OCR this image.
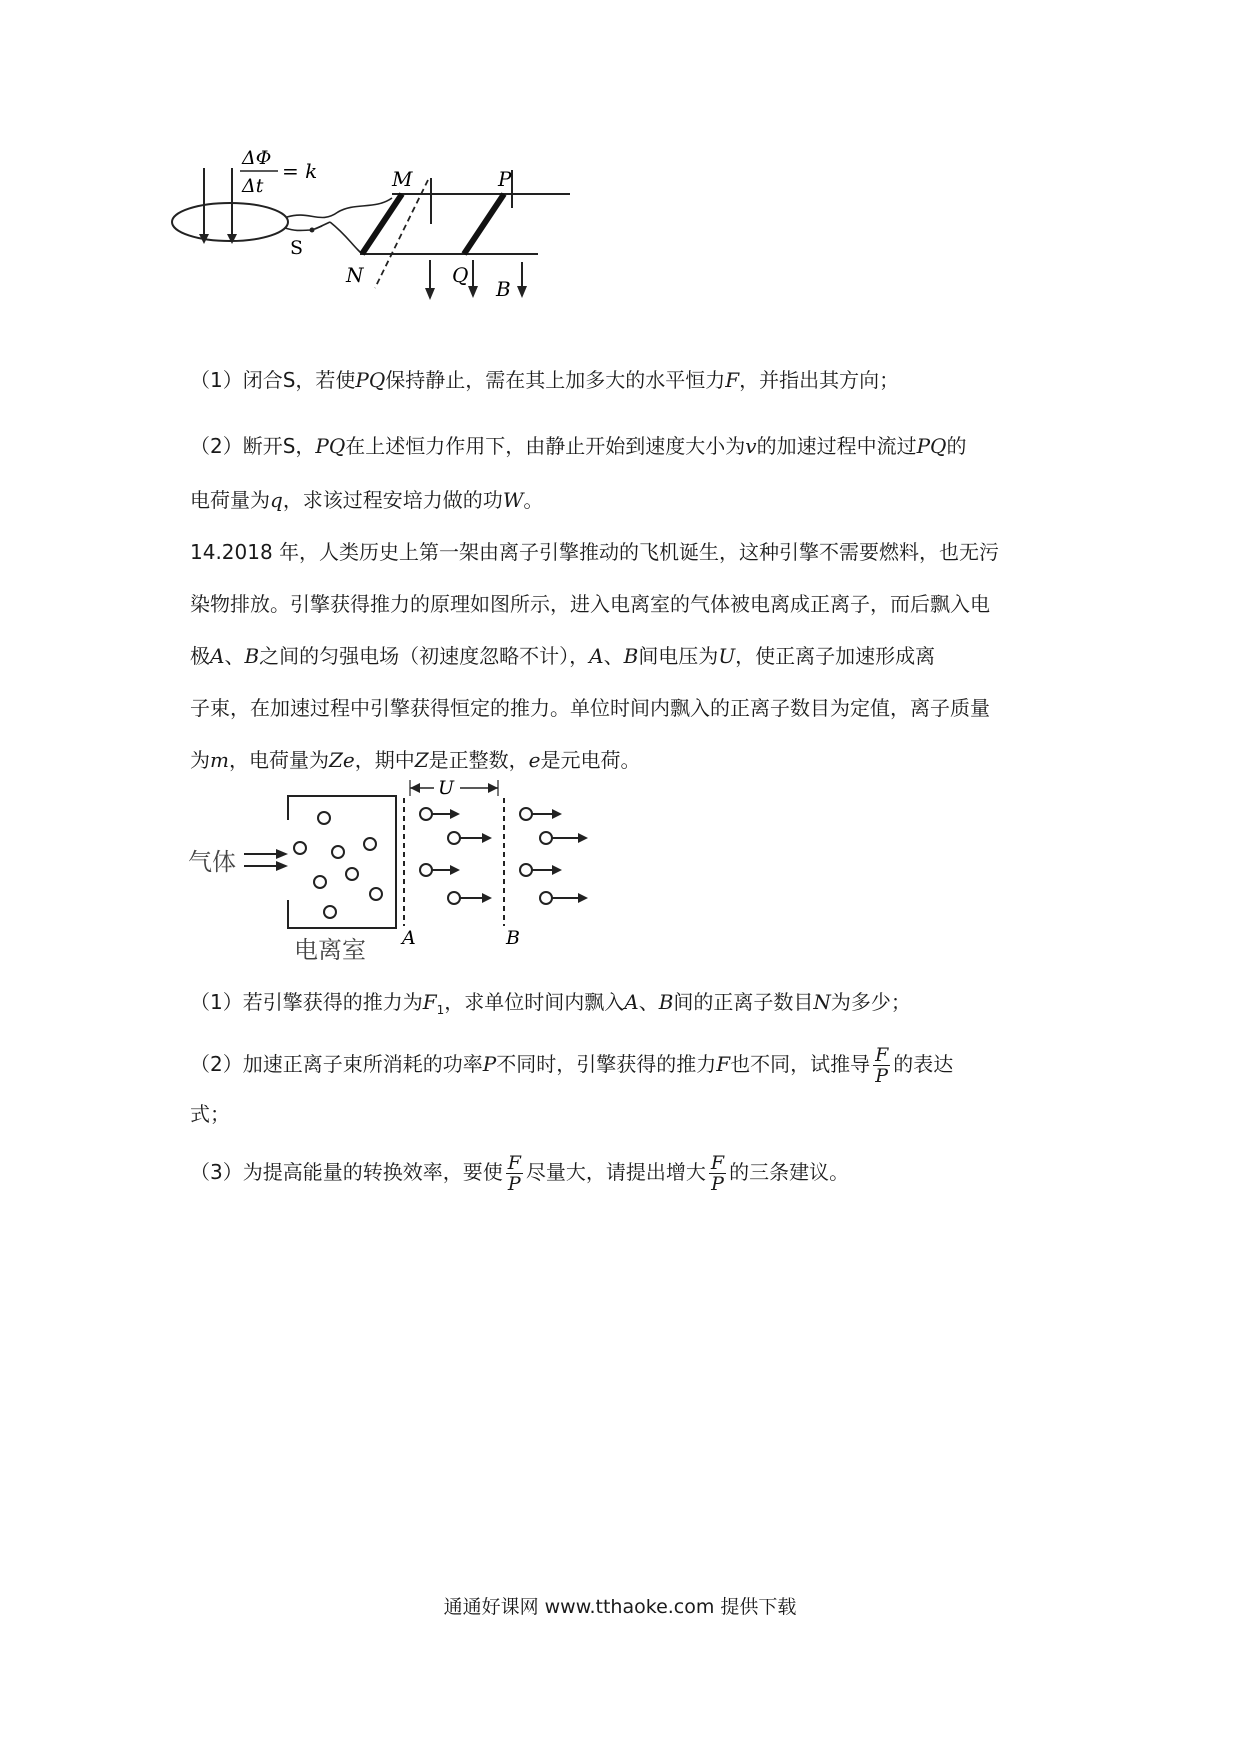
ΔΦ
Δt
= k	M	P
N	Q
B
S
（1）闭合S，若使PQ保持静止，需在其上加多大的水平恒力F，并指出其方向；
（2）断开S，PQ在上述恒力作用下，由静止开始到速度大小为v的加速过程中流过PQ的
电荷量为q，求该过程安培力做的功W。
14.2018 年，人类历史上第一架由离子引擎推动的飞机诞生，这种引擎不需要燃料，也无污
染物排放。引擎获得推力的原理如图所示，进入电离室的气体被电离成正离子，而后飘入电
极A、B之间的匀强电场（初速度忽略不计），A、B间电压为U，使正离子加速形成离
子束，在加速过程中引擎获得恒定的推力。单位时间内飘入的正离子数目为定值，离子质量
为m，电荷量为Ze，期中Z是正整数，e是元电荷。
气体
电离室 A	B
U
（1）若引擎获得的推力为$F_1$，求单位时间内飘入A、B间的正离子数目N为多少；
（2）加速正离子束所消耗的功率P不同时，引擎获得的推力F也不同，试推导 $\frac{F}{P}$ 的表达
式；
（3）为提高能量的转换效率，要使 $\frac{F}{P}$ 尽量大，请提出增大 $\frac{F}{P}$ 的三条建议。
通通好课网 www.tthaoke.com 提供下载
